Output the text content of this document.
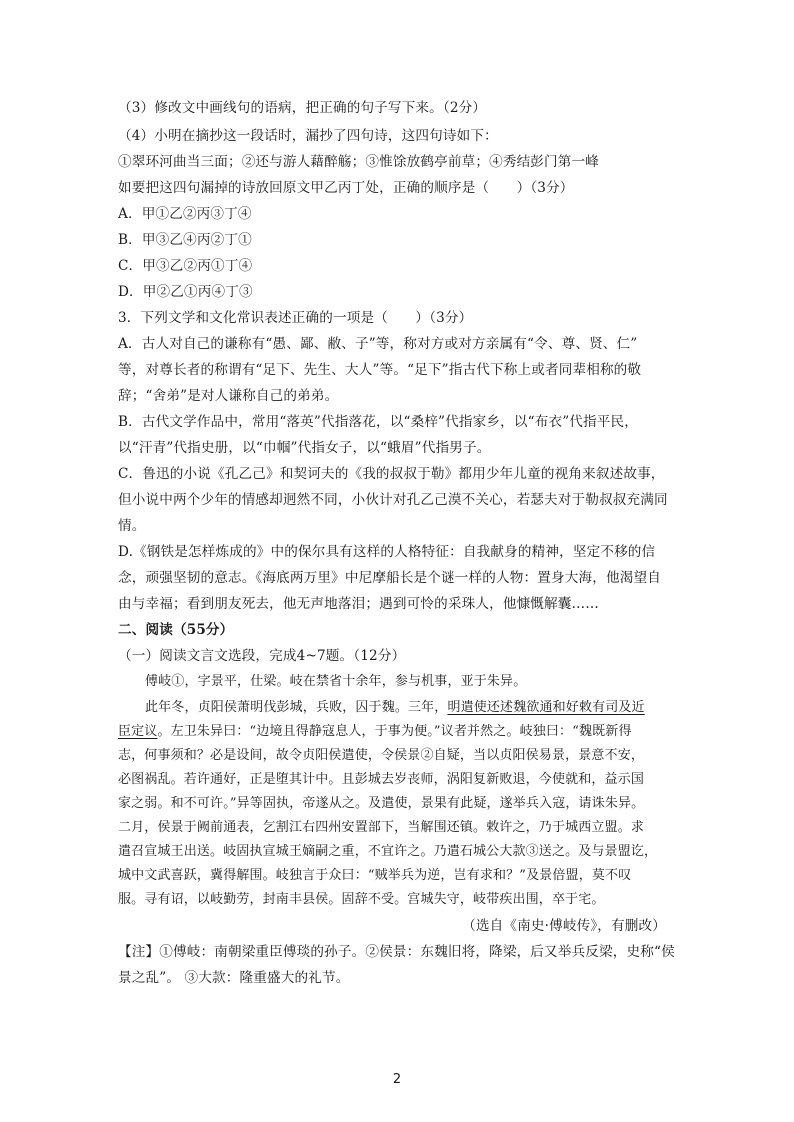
（3）修改文中画线句的语病，把正确的句子写下来。（2分）
（4）小明在摘抄这一段话时，漏抄了四句诗，这四句诗如下：
①翠环河曲当三面；②还与游人藉醉觞；③惟馀放鹤亭前草；④秀结彭门第一峰
如要把这四句漏掉的诗放回原文甲乙丙丁处，正确的顺序是（　　）（3分）
A．甲①乙②丙③丁④
B．甲③乙④丙②丁①
C．甲③乙②丙①丁④
D．甲②乙①丙④丁③
3．下列文学和文化常识表述正确的一项是（　　）（3分）
A．古人对自己的谦称有“愚、鄙、敝、子”等，称对方或对方亲属有“令、尊、贤、仁”
等，对尊长者的称谓有“足下、先生、大人”等。“足下”指古代下称上或者同辈相称的敬
辞；“舍弟”是对人谦称自己的弟弟。
B．古代文学作品中，常用“落英”代指落花，以“桑梓”代指家乡，以“布衣”代指平民，
以“汗青”代指史册，以“巾帼”代指女子，以“蛾眉”代指男子。
C．鲁迅的小说《孔乙己》和契诃夫的《我的叔叔于勒》都用少年儿童的视角来叙述故事，
但小说中两个少年的情感却迥然不同，小伙计对孔乙己漠不关心，若瑟夫对于勒叔叔充满同
情。
D.《钢铁是怎样炼成的》中的保尔具有这样的人格特征：自我献身的精神，坚定不移的信
念，顽强坚韧的意志。《海底两万里》中尼摩船长是个谜一样的人物：置身大海，他渴望自
由与幸福；看到朋友死去，他无声地落泪；遇到可怜的采珠人，他慷慨解囊……
二、阅读（55分）
（一）阅读文言文选段，完成4~7题。（12分）
傅岐①，字景平，仕梁。岐在禁省十余年，参与机事，亚于朱异。
此年冬，贞阳侯萧明伐彭城，兵败，囚于魏。三年，明遣使还述魏欲通和好敕有司及近
臣定议。左卫朱异曰：“边境且得静寇息人，于事为便。”议者并然之。岐独曰：“魏既新得
志，何事须和？必是设间，故令贞阳侯遣使，令侯景②自疑，当以贞阳侯易景，景意不安，
必图祸乱。若许通好，正是堕其计中。且彭城去岁丧师，涡阳复新败退，今使就和，益示国
家之弱。和不可许。”异等固执，帝遂从之。及遣使，景果有此疑，遂举兵入寇，请诛朱异。
二月，侯景于阙前通表，乞割江右四州安置部下，当解围还镇。敕许之，乃于城西立盟。求
遣召宣城王出送。岐固执宣城王嫡嗣之重，不宜许之。乃遣石城公大款③送之。及与景盟讫，
城中文武喜跃，冀得解围。岐独言于众曰：“贼举兵为逆，岂有求和？”及景倍盟，莫不叹
服。寻有诏，以岐勤劳，封南丰县侯。固辞不受。宫城失守，岐带疾出围，卒于宅。
（选自《南史·傅岐传》，有删改）
【注】①傅岐：南朝梁重臣傅琰的孙子。②侯景：东魏旧将，降梁，后又举兵反梁，史称“侯
景之乱”。 ③大款：隆重盛大的礼节。
2
